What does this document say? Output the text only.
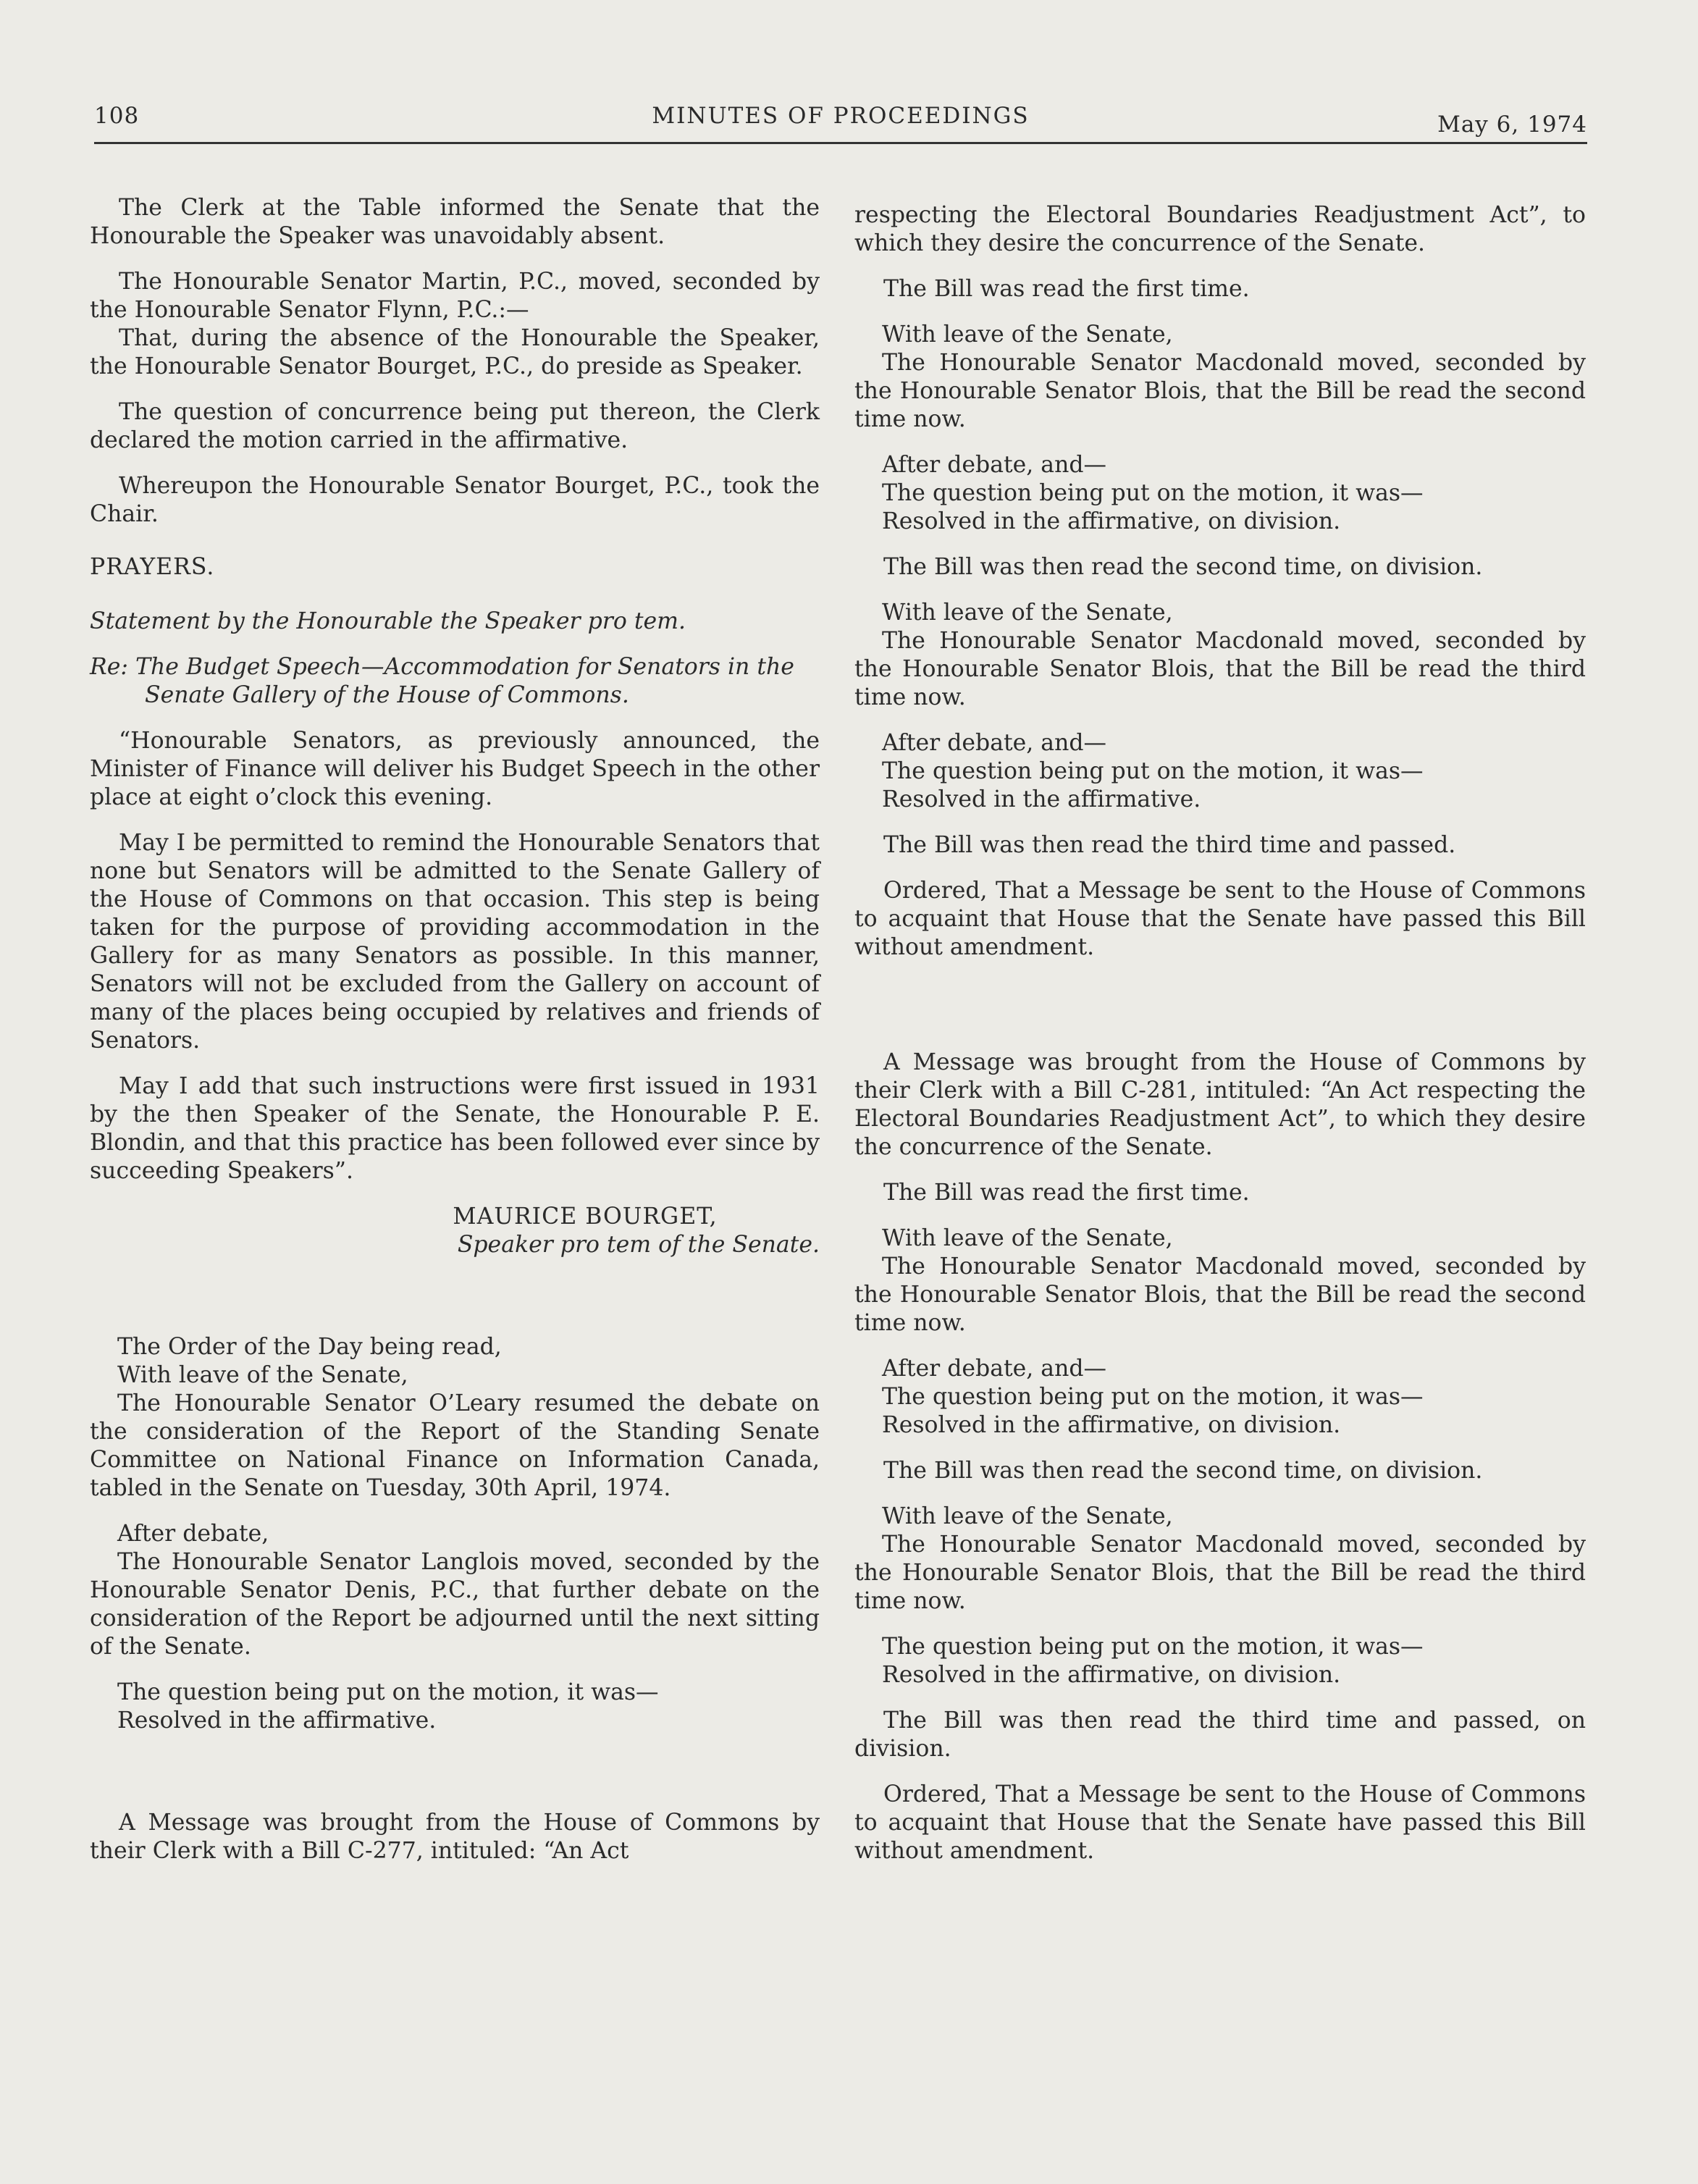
108	MINUTES OF PROCEEDINGS	May 6, 1974

The Clerk at the Table informed the Senate that the Honourable the Speaker was unavoidably absent.

The Honourable Senator Martin, P.C., moved, seconded by the Honourable Senator Flynn, P.C.:—

That, during the absence of the Honourable the Speaker, the Honourable Senator Bourget, P.C., do preside as Speaker.

The question of concurrence being put thereon, the Clerk declared the motion carried in the affirmative.

Whereupon the Honourable Senator Bourget, P.C., took the Chair.

PRAYERS.

Statement by the Honourable the Speaker pro tem.

Re: The Budget Speech—Accommodation for Senators in the Senate Gallery of the House of Commons.

“Honourable Senators, as previously announced, the Minister of Finance will deliver his Budget Speech in the other place at eight o’clock this evening.

May I be permitted to remind the Honourable Senators that none but Senators will be admitted to the Senate Gallery of the House of Commons on that occasion. This step is being taken for the purpose of providing accommodation in the Gallery for as many Senators as possible. In this manner, Senators will not be excluded from the Gallery on account of many of the places being occupied by relatives and friends of Senators.

May I add that such instructions were first issued in 1931 by the then Speaker of the Senate, the Honourable P. E. Blondin, and that this practice has been followed ever since by succeeding Speakers”.

MAURICE BOURGET,
Speaker pro tem of the Senate.
The Order of the Day being read,
With leave of the Senate,
The Honourable Senator O’Leary resumed the debate on the consideration of the Report of the Standing Senate Committee on National Finance on Information Canada, tabled in the Senate on Tuesday, 30th April, 1974.
After debate,
The Honourable Senator Langlois moved, seconded by the Honourable Senator Denis, P.C., that further debate on the consideration of the Report be adjourned until the next sitting of the Senate.
The question being put on the motion, it was—
Resolved in the affirmative.

A Message was brought from the House of Commons by their Clerk with a Bill C-277, intituled: “An Act

respecting the Electoral Boundaries Readjustment Act”, to which they desire the concurrence of the Senate.

The Bill was read the first time.

With leave of the Senate,
The Honourable Senator Macdonald moved, seconded by the Honourable Senator Blois, that the Bill be read the second time now.
After debate, and—
The question being put on the motion, it was—
Resolved in the affirmative, on division.

The Bill was then read the second time, on division.

With leave of the Senate,
The Honourable Senator Macdonald moved, seconded by the Honourable Senator Blois, that the Bill be read the third time now.
After debate, and—
The question being put on the motion, it was—
Resolved in the affirmative.

The Bill was then read the third time and passed.

Ordered, That a Message be sent to the House of Commons to acquaint that House that the Senate have passed this Bill without amendment.

A Message was brought from the House of Commons by their Clerk with a Bill C-281, intituled: “An Act respecting the Electoral Boundaries Readjustment Act”, to which they desire the concurrence of the Senate.

The Bill was read the first time.

With leave of the Senate,
The Honourable Senator Macdonald moved, seconded by the Honourable Senator Blois, that the Bill be read the second time now.
After debate, and—
The question being put on the motion, it was—
Resolved in the affirmative, on division.

The Bill was then read the second time, on division.

With leave of the Senate,
The Honourable Senator Macdonald moved, seconded by the Honourable Senator Blois, that the Bill be read the third time now.
The question being put on the motion, it was—
Resolved in the affirmative, on division.

The Bill was then read the third time and passed, on division.

Ordered, That a Message be sent to the House of Commons to acquaint that House that the Senate have passed this Bill without amendment.
